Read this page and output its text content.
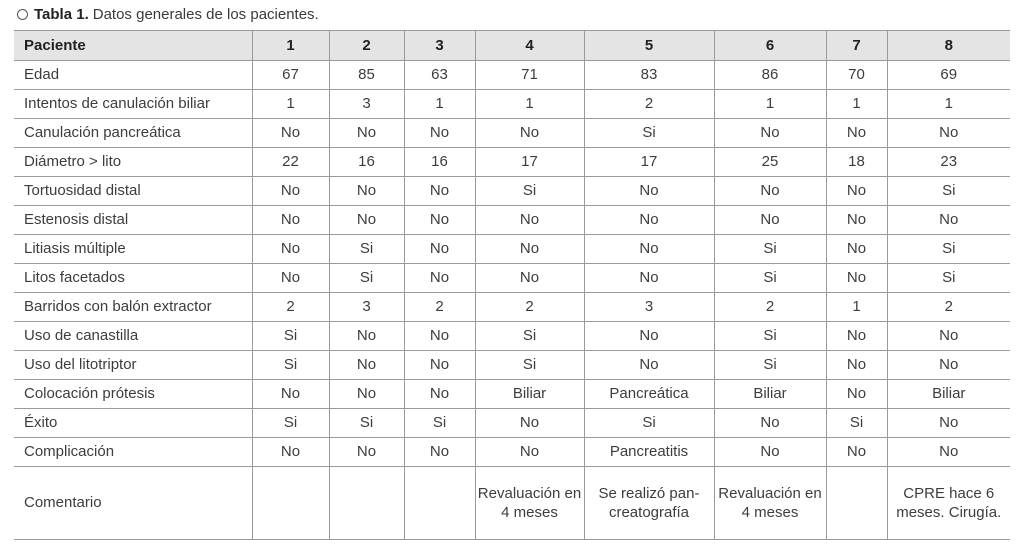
Tabla 1. Datos generales de los pacientes.
Paciente	1	2	3	4	5	6	7	8
Edad	67	85	63	71	83	86	70	69
Intentos de canulación biliar	1	3	1	1	2	1	1	1
Canulación pancreática	No	No	No	No	Si	No	No	No
Diámetro > lito	22	16	16	17	17	25	18	23
Tortuosidad distal	No	No	No	Si	No	No	No	Si
Estenosis distal	No	No	No	No	No	No	No	No
Litiasis múltiple	No	Si	No	No	No	Si	No	Si
Litos facetados	No	Si	No	No	No	Si	No	Si
Barridos con balón extractor	2	3	2	2	3	2	1	2
Uso de canastilla	Si	No	No	Si	No	Si	No	No
Uso del litotriptor	Si	No	No	Si	No	Si	No	No
Colocación prótesis	No	No	No	Biliar	Pancreática	Biliar	No	Biliar
Éxito	Si	Si	Si	No	Si	No	Si	No
Complicación	No	No	No	No	Pancreatitis	No	No	No
Comentario				Revaluación en 4 meses	Se realizó pan-creatografía	Revaluación en 4 meses		CPRE hace 6 meses. Cirugía.
